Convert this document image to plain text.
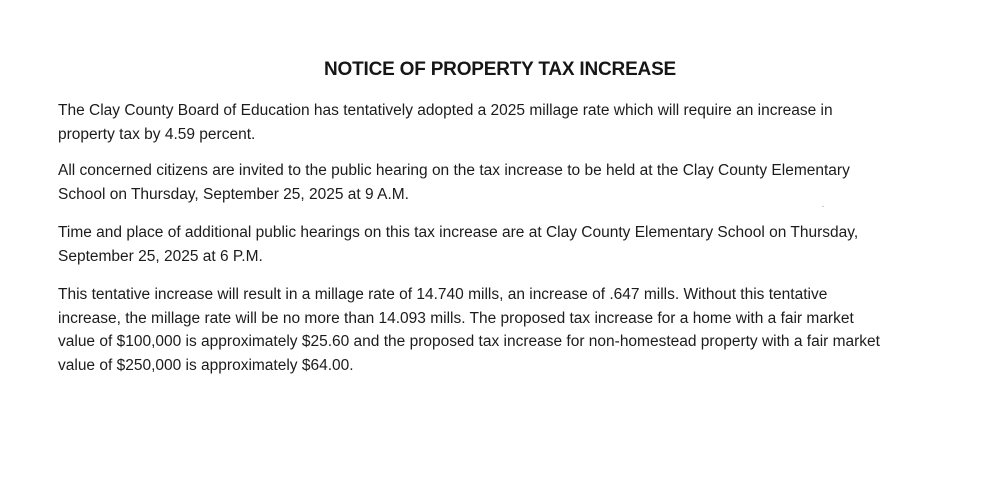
NOTICE OF PROPERTY TAX INCREASE
The Clay County Board of Education has tentatively adopted a 2025 millage rate which will require an increase in
property tax by 4.59 percent.
All concerned citizens are invited to the public hearing on the tax increase to be held at the Clay County Elementary
School on Thursday, September 25, 2025 at 9 A.M.
Time and place of additional public hearings on this tax increase are at Clay County Elementary School on Thursday,
September 25, 2025 at 6 P.M.
This tentative increase will result in a millage rate of 14.740 mills, an increase of .647 mills. Without this tentative
increase, the millage rate will be no more than 14.093 mills. The proposed tax increase for a home with a fair market
value of $100,000 is approximately $25.60 and the proposed tax increase for non-homestead property with a fair market
value of $250,000 is approximately $64.00.
